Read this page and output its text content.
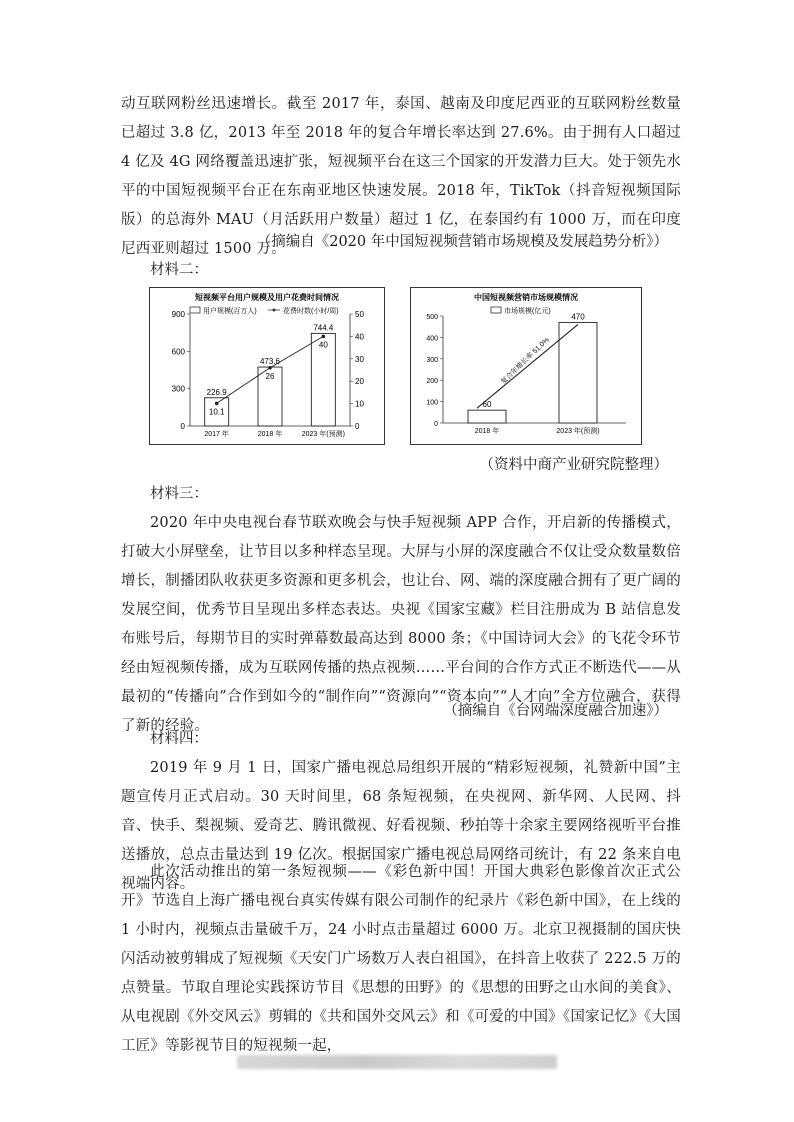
动互联网粉丝迅速增长。截至 2017 年，泰国、越南及印度尼西亚的互联网粉丝数量已超过 3.8 亿，2013 年至 2018 年的复合年增长率达到 27.6%。由于拥有人口超过 4 亿及 4G 网络覆盖迅速扩张，短视频平台在这三个国家的开发潜力巨大。处于领先水平的中国短视频平台正在东南亚地区快速发展。2018 年，TikTok（抖音短视频国际版）的总海外 MAU（月活跃用户数量）超过 1 亿，在泰国约有 1000 万，而在印度尼西亚则超过 1500 万。

（摘编自《2020 年中国短视频营销市场规模及发展趋势分析》）

材料二：

短视频平台用户规模及用户花费时间情况
用户规模(百万人)	花费时数(小时/周)
0
300
600
900
0
10
20
30
40
50
226.9
2017 年
473.6
2018 年
744.4
2023 年(预测)
10.1
26
40
中国短视频营销市场规模情况
市场规模(亿元)
0
100
200
300
400
500
60
2018 年
470
2023 年(预测)
复合年增长率 51.0%

（资料中商产业研究院整理）

材料三：

2020 年中央电视台春节联欢晚会与快手短视频 APP 合作，开启新的传播模式，打破大小屏壁垒，让节目以多种样态呈现。大屏与小屏的深度融合不仅让受众数量数倍增长，制播团队收获更多资源和更多机会，也让台、网、端的深度融合拥有了更广阔的发展空间，优秀节目呈现出多样态表达。央视《国家宝藏》栏目注册成为 B 站信息发布账号后，每期节目的实时弹幕数最高达到 8000 条；《中国诗词大会》的飞花令环节经由短视频传播，成为互联网传播的热点视频……平台间的合作方式正不断迭代——从最初的“传播向”合作到如今的“制作向”“资源向”“资本向”“人才向”全方位融合，获得了新的经验。

（摘编自《台网端深度融合加速》）

材料四：

2019 年 9 月 1 日，国家广播电视总局组织开展的“精彩短视频，礼赞新中国”主题宣传月正式启动。30 天时间里，68 条短视频，在央视网、新华网、人民网、抖音、快手、梨视频、爱奇艺、腾讯微视、好看视频、秒拍等十余家主要网络视听平台推送播放，总点击量达到 19 亿次。根据国家广播电视总局网络司统计，有 22 条来自电视端内容。

此次活动推出的第一条短视频——《彩色新中国！开国大典彩色影像首次正式公开》节选自上海广播电视台真实传媒有限公司制作的纪录片《彩色新中国》，在上线的 1 小时内，视频点击量破千万，24 小时点击量超过 6000 万。北京卫视摄制的国庆快闪活动被剪辑成了短视频《天安门广场数万人表白祖国》，在抖音上收获了 222.5 万的点赞量。节取自理论实践探访节目《思想的田野》的《思想的田野之山水间的美食》、从电视剧《外交风云》剪辑的《共和国外交风云》和《可爱的中国》《国家记忆》《大国工匠》等影视节目的短视频一起，
